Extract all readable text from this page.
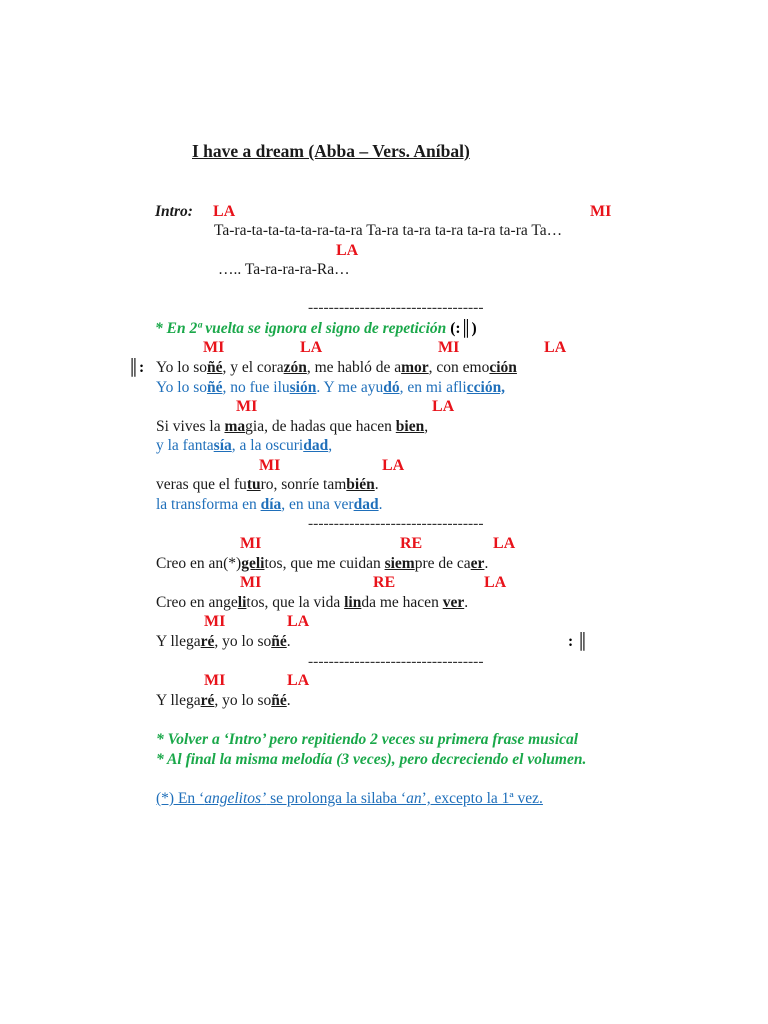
I have a dream (Abba – Vers. Aníbal)
Intro: LA	MI
Ta-ra-ta-ta-ta-ta-ra-ta-ra Ta-ra ta-ra ta-ra ta-ra ta-ra Ta…
LA
….. Ta-ra-ra-ra-Ra…
----------------------------------
* En 2ª vuelta se ignora el signo de repetición (:║)
MI	LA	MI	LA
║: Yo lo soñé, y el corazón, me habló de amor, con emoción
Yo lo soñé, no fue ilusión. Y me ayudó, en mi aflicción,
MI	LA
Si vives la magia, de hadas que hacen bien,
y la fantasía, a la oscuridad,
MI	LA
veras que el futuro, sonríe también.
la transforma en día, en una verdad.
----------------------------------
MI	RE	LA
Creo en an(*)gelitos, que me cuidan siempre de caer.
MI	RE	LA
Creo en angelitos, que la vida linda me hacen ver.
MI	LA
Y llegaré, yo lo soñé.	: ║
----------------------------------
MI	LA
Y llegaré, yo lo soñé.
* Volver a ‘Intro’ pero repitiendo 2 veces su primera frase musical
* Al final la misma melodía (3 veces), pero decreciendo el volumen.
(*) En ‘angelitos’ se prolonga la silaba ‘an’, excepto la 1ª vez.
